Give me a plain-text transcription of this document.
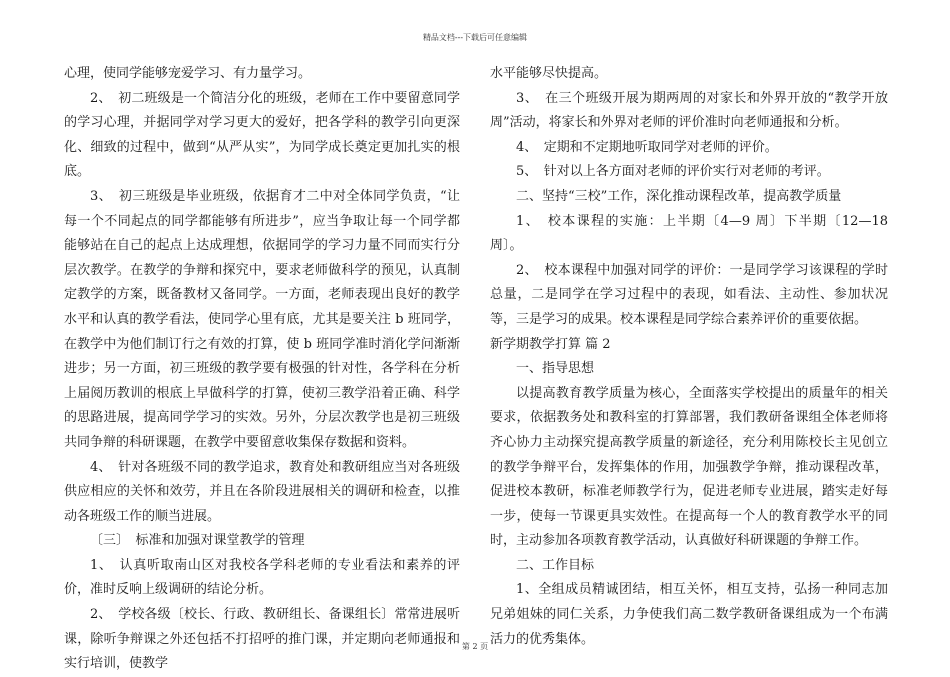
精品文档---下载后可任意编辑

心理，使同学能够宠爱学习、有力量学习。

2、　初二班级是一个简洁分化的班级，老师在工作中要留意同学的学习心理，并据同学对学习更大的爱好，把各学科的教学引向更深化、细致的过程中，做到“从严从实”，为同学成长奠定更加扎实的根底。

3、　初三班级是毕业班级，依据育才二中对全体同学负责，“让每一个不同起点的同学都能够有所进步”，应当争取让每一个同学都能够站在自己的起点上达成理想，依据同学的学习力量不同而实行分层次教学。在教学的争辩和探究中，要求老师做科学的预见，认真制定教学的方案，既备教材又备同学。一方面，老师表现出良好的教学水平和认真的教学看法，使同学心里有底，尤其是要关注 b 班同学，在教学中为他们制订行之有效的打算，使 b 班同学准时消化学问渐渐进步；另一方面，初三班级的教学要有极强的针对性，各学科在分析上届阅历教训的根底上早做科学的打算，使初三教学沿着正确、科学的思路进展，提高同学学习的实效。另外，分层次教学也是初三班级共同争辩的科研课题，在教学中要留意收集保存数据和资料。

4、　针对各班级不同的教学追求，教育处和教研组应当对各班级供应相应的关怀和效劳，并且在各阶段进展相关的调研和检查，以推动各班级工作的顺当进展。

〔三〕　标准和加强对课堂教学的管理

1、　认真听取南山区对我校各学科老师的专业看法和素养的评价，准时反响上级调研的结论分析。

2、　学校各级〔校长、行政、教研组长、备课组长〕常常进展听课，除听争辩课之外还包括不打招呼的推门课，并定期向老师通报和实行培训，使教学

水平能够尽快提高。

3、　在三个班级开展为期两周的对家长和外界开放的“教学开放周”活动，将家长和外界对老师的评价准时向老师通报和分析。

4、　定期和不定期地听取同学对老师的评价。

5、　针对以上各方面对老师的评价实行对老师的考评。

二、坚持“三校”工作，深化推动课程改革，提高教学质量

1、　校本课程的实施：上半期〔4—9 周〕下半期〔12—18 周〕。

2、　校本课程中加强对同学的评价：一是同学学习该课程的学时总量，二是同学在学习过程中的表现，如看法、主动性、参加状况等，三是学习的成果。校本课程是同学综合素养评价的重要依据。

新学期教学打算 篇 2

一、指导思想

以提高教育教学质量为核心，全面落实学校提出的质量年的相关要求，依据教务处和教科室的打算部署，我们教研备课组全体老师将齐心协力主动探究提高教学质量的新途径，充分利用陈校长主见创立的教学争辩平台，发挥集体的作用，加强教学争辩，推动课程改革，促进校本教研，标准老师教学行为，促进老师专业进展，踏实走好每一步，使每一节课更具实效性。在提高每一个人的教育教学水平的同时，主动参加各项教育教学活动，认真做好科研课题的争辩工作。

二、工作目标

1、全组成员精诚团结，相互关怀，相互支持，弘扬一种同志加兄弟姐妹的同仁关系，力争使我们高二数学教研备课组成为一个布满活力的优秀集体。

第 2 页
